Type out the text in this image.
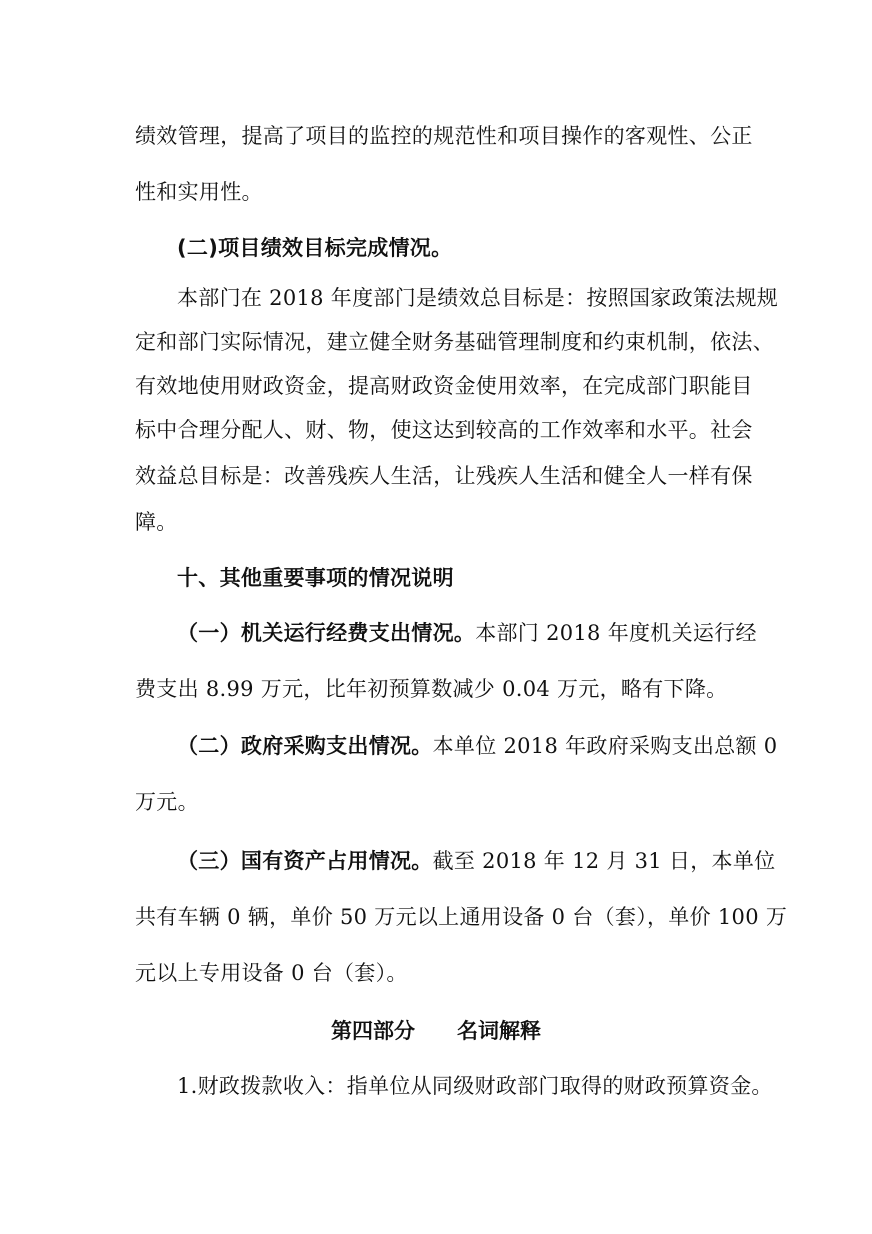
绩效管理，提高了项目的监控的规范性和项目操作的客观性、公正
性和实用性。
(二)项目绩效目标完成情况。
本部门在 2018 年度部门是绩效总目标是：按照国家政策法规规
定和部门实际情况，建立健全财务基础管理制度和约束机制，依法、
有效地使用财政资金，提高财政资金使用效率，在完成部门职能目
标中合理分配人、财、物，使这达到较高的工作效率和水平。社会
效益总目标是：改善残疾人生活，让残疾人生活和健全人一样有保
障。
十、其他重要事项的情况说明
（一）机关运行经费支出情况。本部门 2018 年度机关运行经
费支出 8.99 万元，比年初预算数减少 0.04 万元，略有下降。
（二）政府采购支出情况。本单位 2018 年政府采购支出总额 0
万元。
（三）国有资产占用情况。截至 2018 年 12 月 31 日，本单位
共有车辆 0 辆，单价 50 万元以上通用设备 0 台（套），单价 100 万
元以上专用设备 0 台（套）。
第四部分 名词解释
1.财政拨款收入：指单位从同级财政部门取得的财政预算资金。
